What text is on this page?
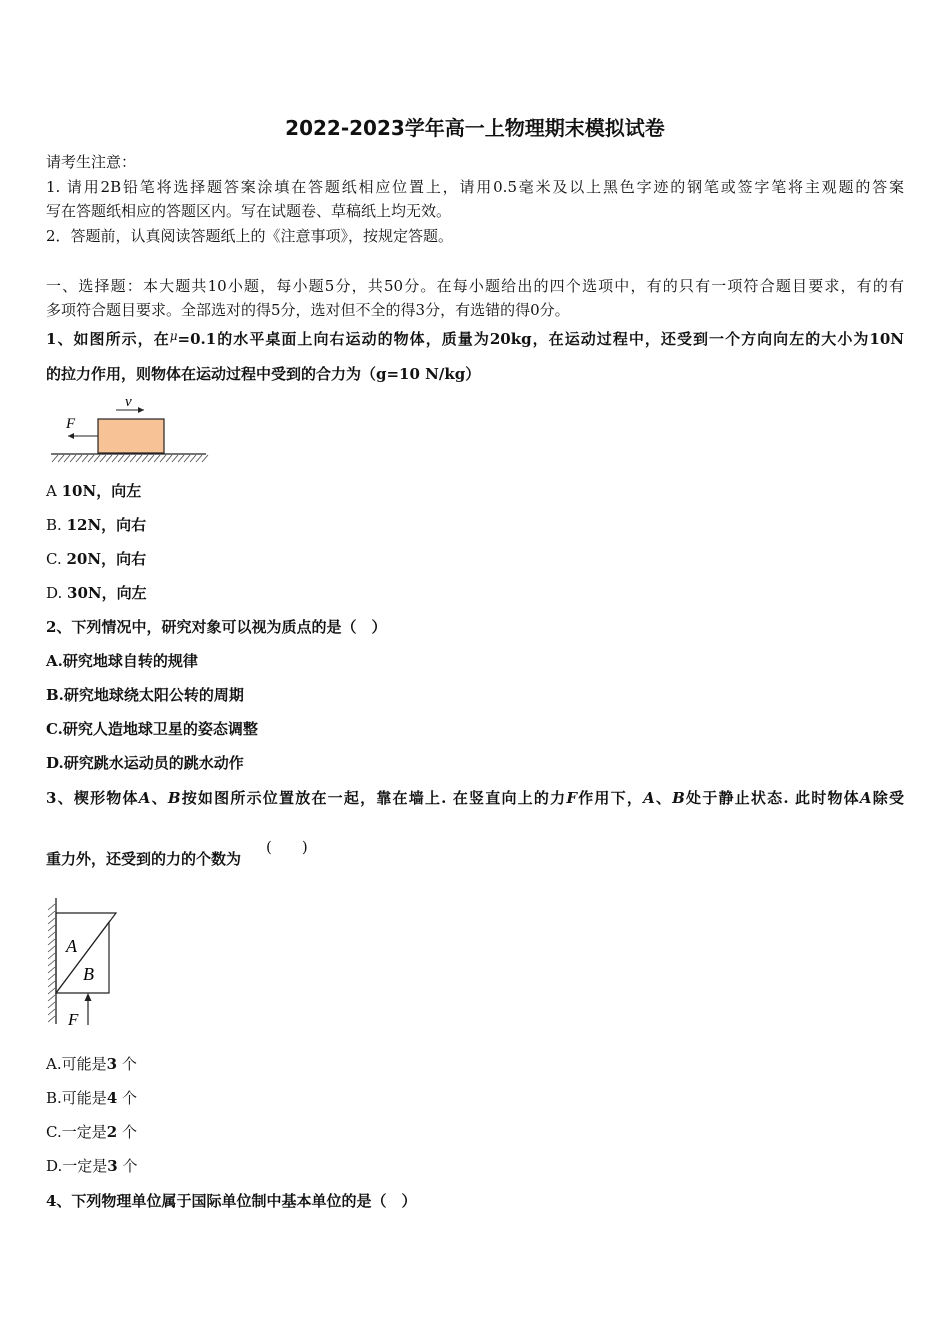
2022-2023学年高一上物理期末模拟试卷
请考生注意：
1. 请用2B铅笔将选择题答案涂填在答题纸相应位置上，请用0.5毫米及以上黑色字迹的钢笔或签字笔将主观题的答案
写在答题纸相应的答题区内。写在试题卷、草稿纸上均无效。
2．答题前，认真阅读答题纸上的《注意事项》，按规定答题。
一、选择题：本大题共10小题，每小题5分，共50分。在每小题给出的四个选项中，有的只有一项符合题目要求，有的有
多项符合题目要求。全部选对的得5分，选对但不全的得3分，有选错的得0分。
1、如图所示，在$^\mu$=0.1的水平桌面上向右运动的物体，质量为20kg，在运动过程中，还受到一个方向向左的大小为10N
的拉力作用，则物体在运动过程中受到的合力为（g=10 N/kg）
v
F
A 10N，向左
B. 12N，向右
C. 20N，向右
D. 30N，向左
2、下列情况中，研究对象可以视为质点的是（　）
A.研究地球自转的规律
B.研究地球绕太阳公转的周期
C.研究人造地球卫星的姿态调整
D.研究跳水运动员的跳水动作
3、楔形物体A、B按如图所示位置放在一起，靠在墙上. 在竖直向上的力F作用下，A、B处于静止状态. 此时物体A除受
重力外，还受到的力的个数为
(　　)
A
B
F
A.可能是3 个
B.可能是4 个
C.一定是2 个
D.一定是3 个
4、下列物理单位属于国际单位制中基本单位的是（　）
